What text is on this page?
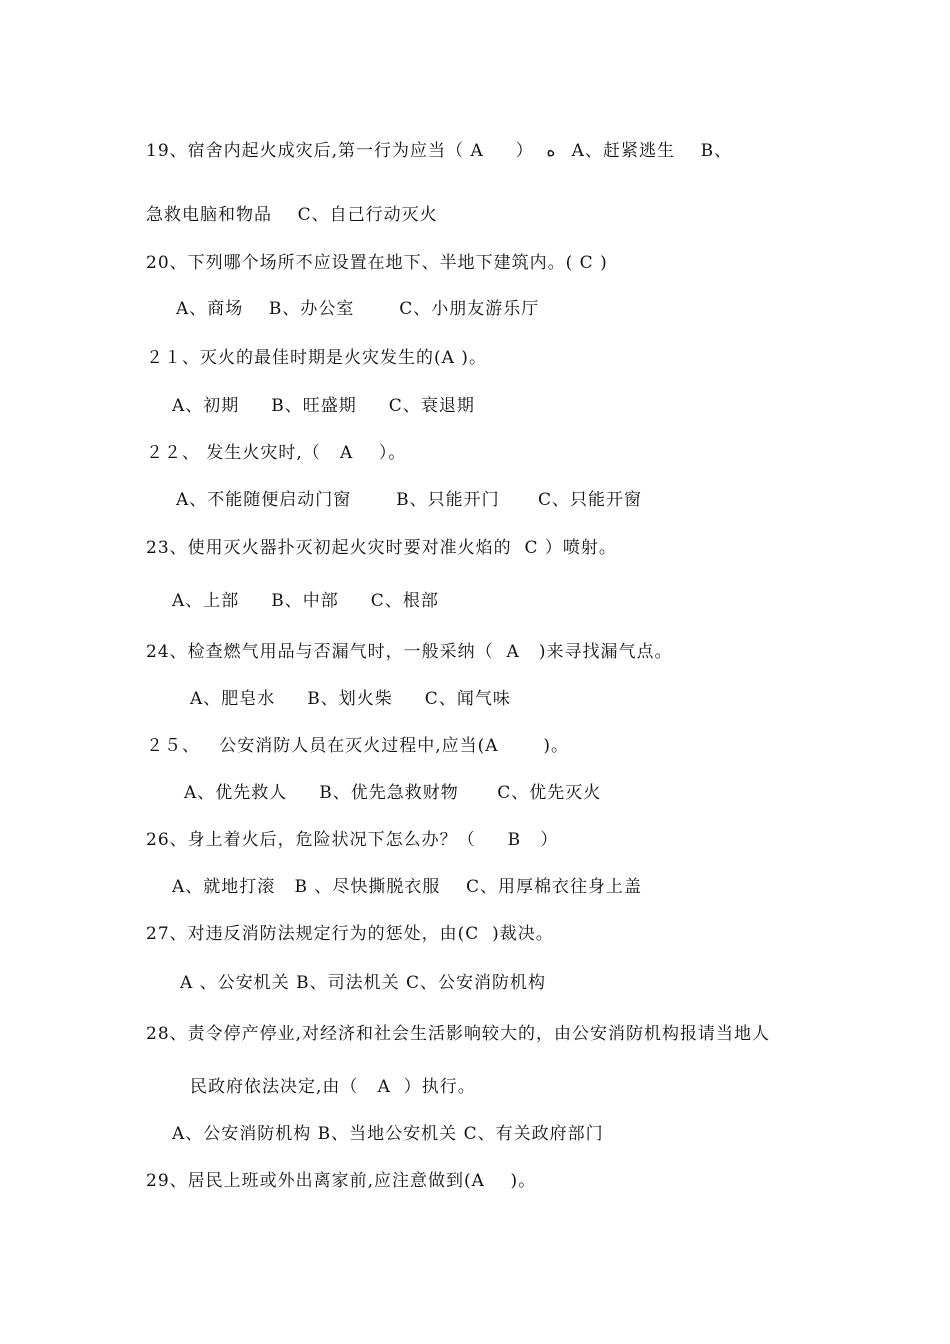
19、宿舍内起火成灾后,第一行为应当（ A     ）  ه   A、赶紧逃生    B、
急救电脑和物品    C、自己行动灭火
20、下列哪个场所不应设置在地下、半地下建筑内。( C )
A、商场    B、办公室       C、小朋友游乐厅
２１、灭火的最佳时期是火灾发生的(A )。
A、初期     B、旺盛期     C、衰退期
２２、 发生火灾时,（   A    ）。
A、不能随便启动门窗       B、只能开门      C、只能开窗
23、使用灭火器扑灭初起火灾时要对准火焰的  C ）喷射。
A、上部     B、中部     C、根部
24、检查燃气用品与否漏气时，一般采纳（  A   )来寻找漏气点。
A、肥皂水     B、划火柴     C、闻气味
２５、   公安消防人员在灭火过程中,应当(A       )。
A、优先救人     B、优先急救财物      C、优先灭火
26、身上着火后，危险状况下怎么办？（     B   ）
A、就地打滚   B 、尽快撕脱衣服    C、用厚棉衣往身上盖
27、对违反消防法规定行为的惩处，由(C  )裁决。
A 、公安机关 B、司法机关 C、公安消防机构
28、责令停产停业,对经济和社会生活影响较大的，由公安消防机构报请当地人
民政府依法决定,由（   A  ）执行。
A、公安消防机构 B、当地公安机关 C、有关政府部门
29、居民上班或外出离家前,应注意做到(A    )。
